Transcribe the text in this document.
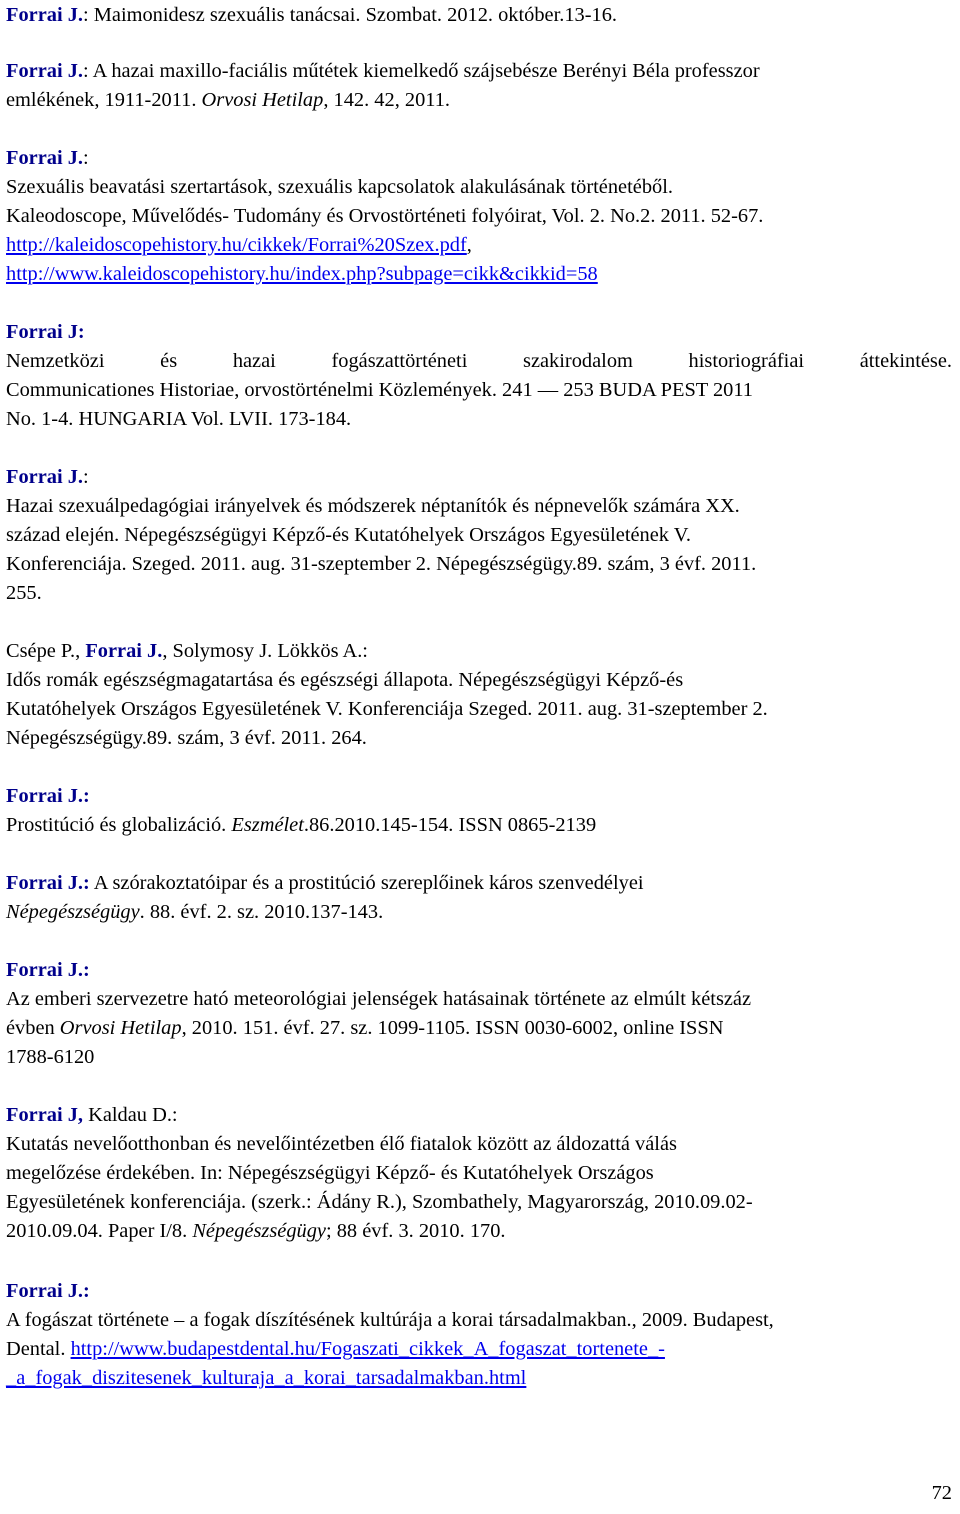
Forrai J.: Maimonidesz szexuális tanácsai. Szombat. 2012. október.13-16.
Forrai J.: A hazai maxillo-faciális műtétek kiemelkedő szájsebésze Berényi Béla professzor
emlékének, 1911-2011. Orvosi Hetilap, 142. 42, 2011.
Forrai J.:
Szexuális beavatási szertartások, szexuális kapcsolatok alakulásának történetéből.
Kaleodoscope, Művelődés- Tudomány és Orvostörténeti folyóirat, Vol. 2. No.2. 2011. 52-67.
http://kaleidoscopehistory.hu/cikkek/Forrai%20Szex.pdf,
http://www.kaleidoscopehistory.hu/index.php?subpage=cikk&cikkid=58
Forrai J:
Nemzetközi és hazai fogászattörténeti szakirodalom historiográfiai áttekintése.
Communicationes Historiae, orvostörténelmi Közlemények. 241 — 253 BUDA PEST 2011
No. 1-4. HUNGARIA Vol. LVII. 173-184.
Forrai J.:
Hazai szexuálpedagógiai irányelvek és módszerek néptanítók és népnevelők számára XX.
század elején. Népegészségügyi Képző-és Kutatóhelyek Országos Egyesületének V.
Konferenciája. Szeged. 2011. aug. 31-szeptember 2. Népegészségügy.89. szám, 3 évf. 2011.
255.
Csépe P., Forrai J., Solymosy J. Lökkös A.:
Idős romák egészségmagatartása és egészségi állapota. Népegészségügyi Képző-és
Kutatóhelyek Országos Egyesületének V. Konferenciája Szeged. 2011. aug. 31-szeptember 2.
Népegészségügy.89. szám, 3 évf. 2011. 264.
Forrai J.:
Prostitúció és globalizáció. Eszmélet.86.2010.145-154. ISSN 0865-2139
Forrai J.: A szórakoztatóipar és a prostitúció szereplőinek káros szenvedélyei
Népegészségügy. 88. évf. 2. sz. 2010.137-143.
Forrai J.:
Az emberi szervezetre ható meteorológiai jelenségek hatásainak története az elmúlt kétszáz
évben Orvosi Hetilap, 2010. 151. évf. 27. sz. 1099-1105. ISSN 0030-6002, online ISSN
1788-6120
Forrai J, Kaldau D.:
Kutatás nevelőotthonban és nevelőintézetben élő fiatalok között az áldozattá válás
megelőzése érdekében. In: Népegészségügyi Képző- és Kutatóhelyek Országos
Egyesületének konferenciája. (szerk.: Ádány R.), Szombathely, Magyarország, 2010.09.02-
2010.09.04. Paper I/8. Népegészségügy; 88 évf. 3. 2010. 170.
Forrai J.:
A fogászat története – a fogak díszítésének kultúrája a korai társadalmakban., 2009. Budapest,
Dental. http://www.budapestdental.hu/Fogaszati_cikkek_A_fogaszat_tortenete_-
_a_fogak_diszitesenek_kulturaja_a_korai_tarsadalmakban.html
72
